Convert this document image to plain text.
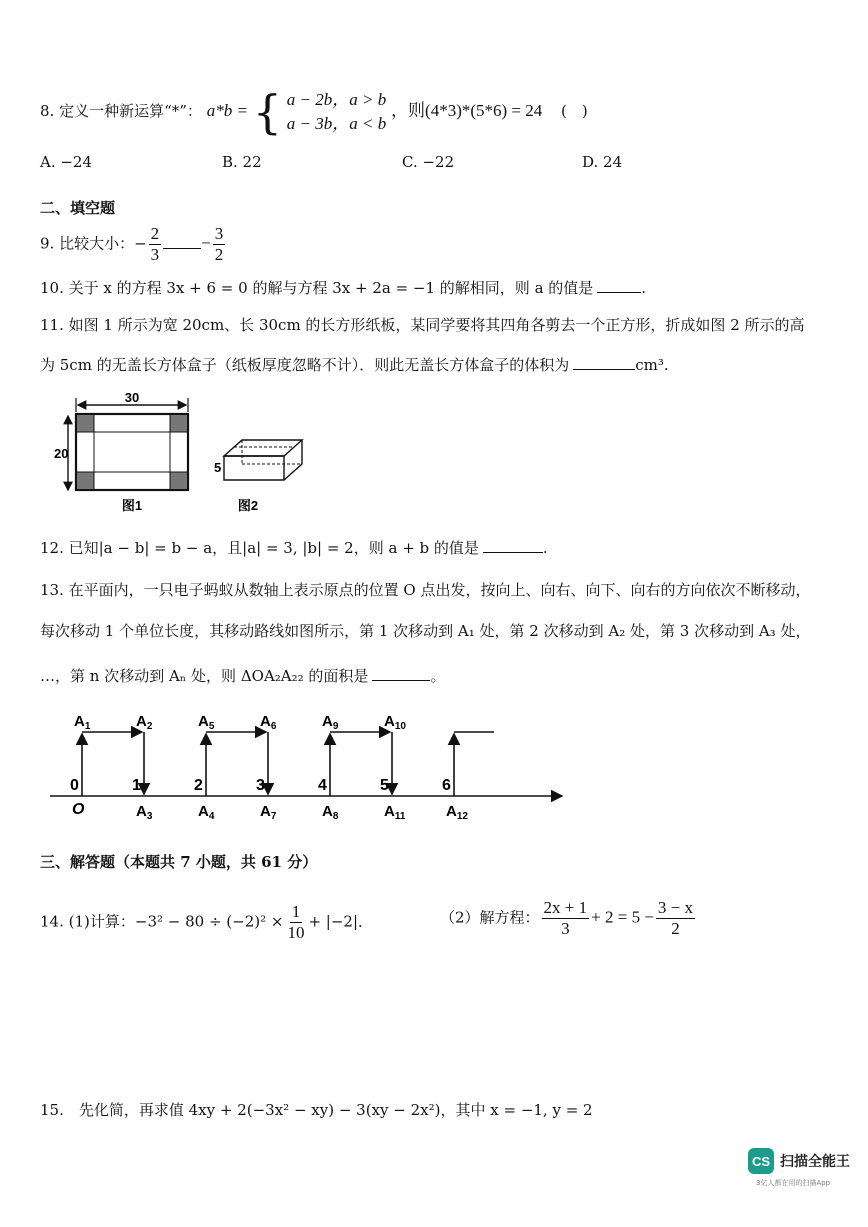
8. 定义一种新运算“*”： a*b = { a − 2b，a > b
a − 3b，a < b
，则(4*3)*(5*6) = 24 (　)
A. −24	B. 22	C. −22	D. 24
二、填空题
9. 比较大小：− $\frac{2}{3} - \frac{3}{2}$
10. 关于 x 的方程 3x + 6 = 0 的解与方程 3x + 2a = −1 的解相同，则 a 的值是	.
11. 如图 1 所示为宽 20cm、长 30cm 的长方形纸板，某同学要将其四角各剪去一个正方形，折成如图 2 所示的高
为 5cm 的无盖长方体盒子（纸板厚度忽略不计）．则此无盖长方体盒子的体积为	cm³.
30
20
图1
5
图2
12. 已知|a − b| = b − a，且|a| = 3, |b| = 2，则 a + b 的值是	.
13. 在平面内，一只电子蚂蚁从数轴上表示原点的位置 O 点出发，按向上、向右、向下、向右的方向依次不断移动，
每次移动 1 个单位长度，其移动路线如图所示，第 1 次移动到 A₁ 处，第 2 次移动到 A₂ 处，第 3 次移动到 A₃ 处，
…，第 n 次移动到 Aₙ 处，则 ΔOA₂A₂₂ 的面积是	。
$A_1$	$A_2$	$A_5$	$A_6$	$A_9$	$A_{10}$
0	1	2	3	4	5	6
O	$A_3$	$A_4$	$A_7$	$A_8$	$A_{11}$	$A_{12}$
三、解答题（本题共 7 小题，共 61 分）
14. (1)计算：$-3^2 - 80 \div (-2)^2 \times \frac{1}{10} + |-2|$．	（2）解方程： $\frac{2x + 1}{3} + 2 = 5 - \frac{3 - x}{2}$
15.　先化简，再求值 4xy + 2(−3x² − xy) − 3(xy − 2x²)，其中 x = −1, y = 2
CS 扫描全能王
3亿人都在用的扫描App
